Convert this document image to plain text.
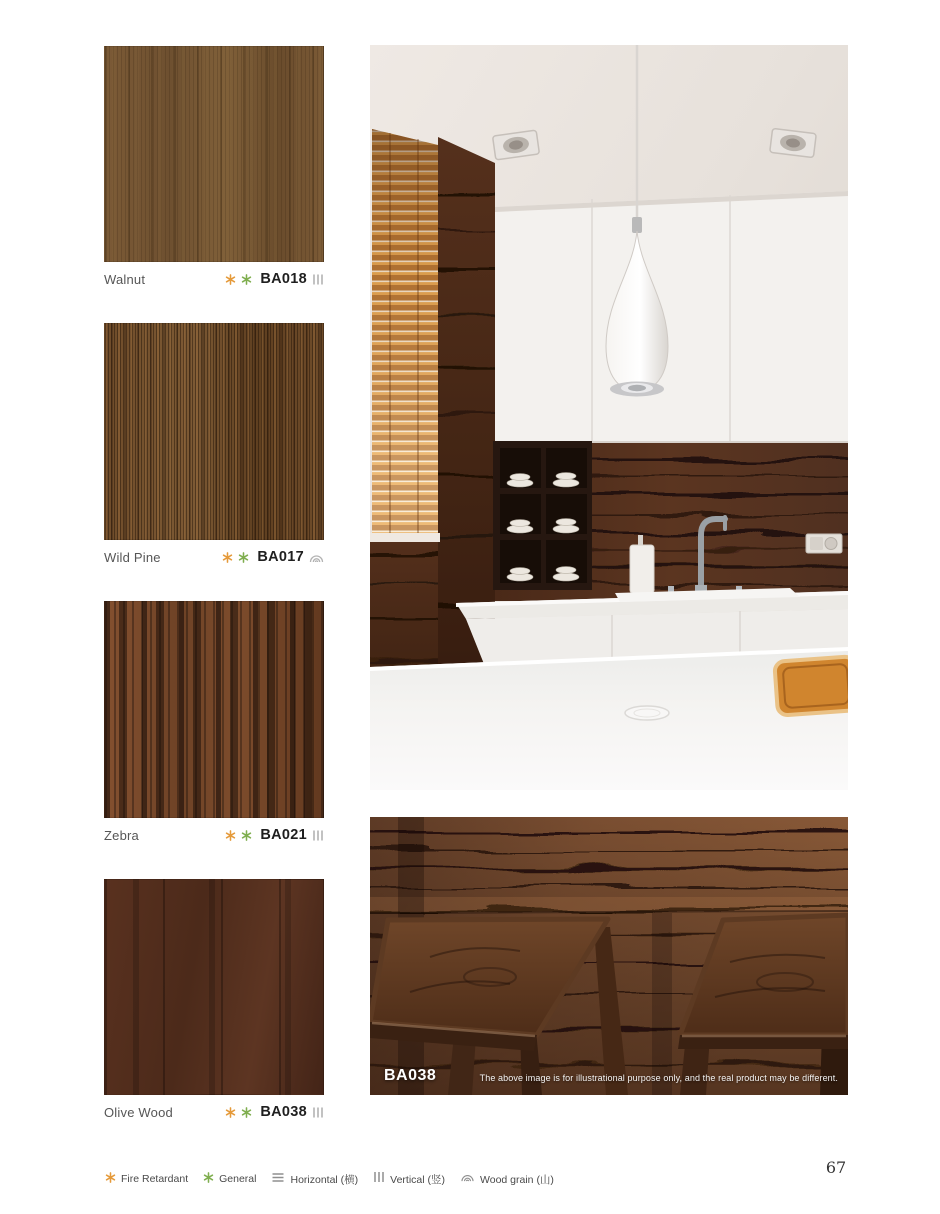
Walnut	BA018
Wild Pine	BA017
Zebra	BA021
Olive Wood	BA038
BA038	The above image is for illustrational purpose only, and the real product may be different.
Fire Retardant	General	Horizontal (横)	Vertical (竖)	Wood grain (山)
67
